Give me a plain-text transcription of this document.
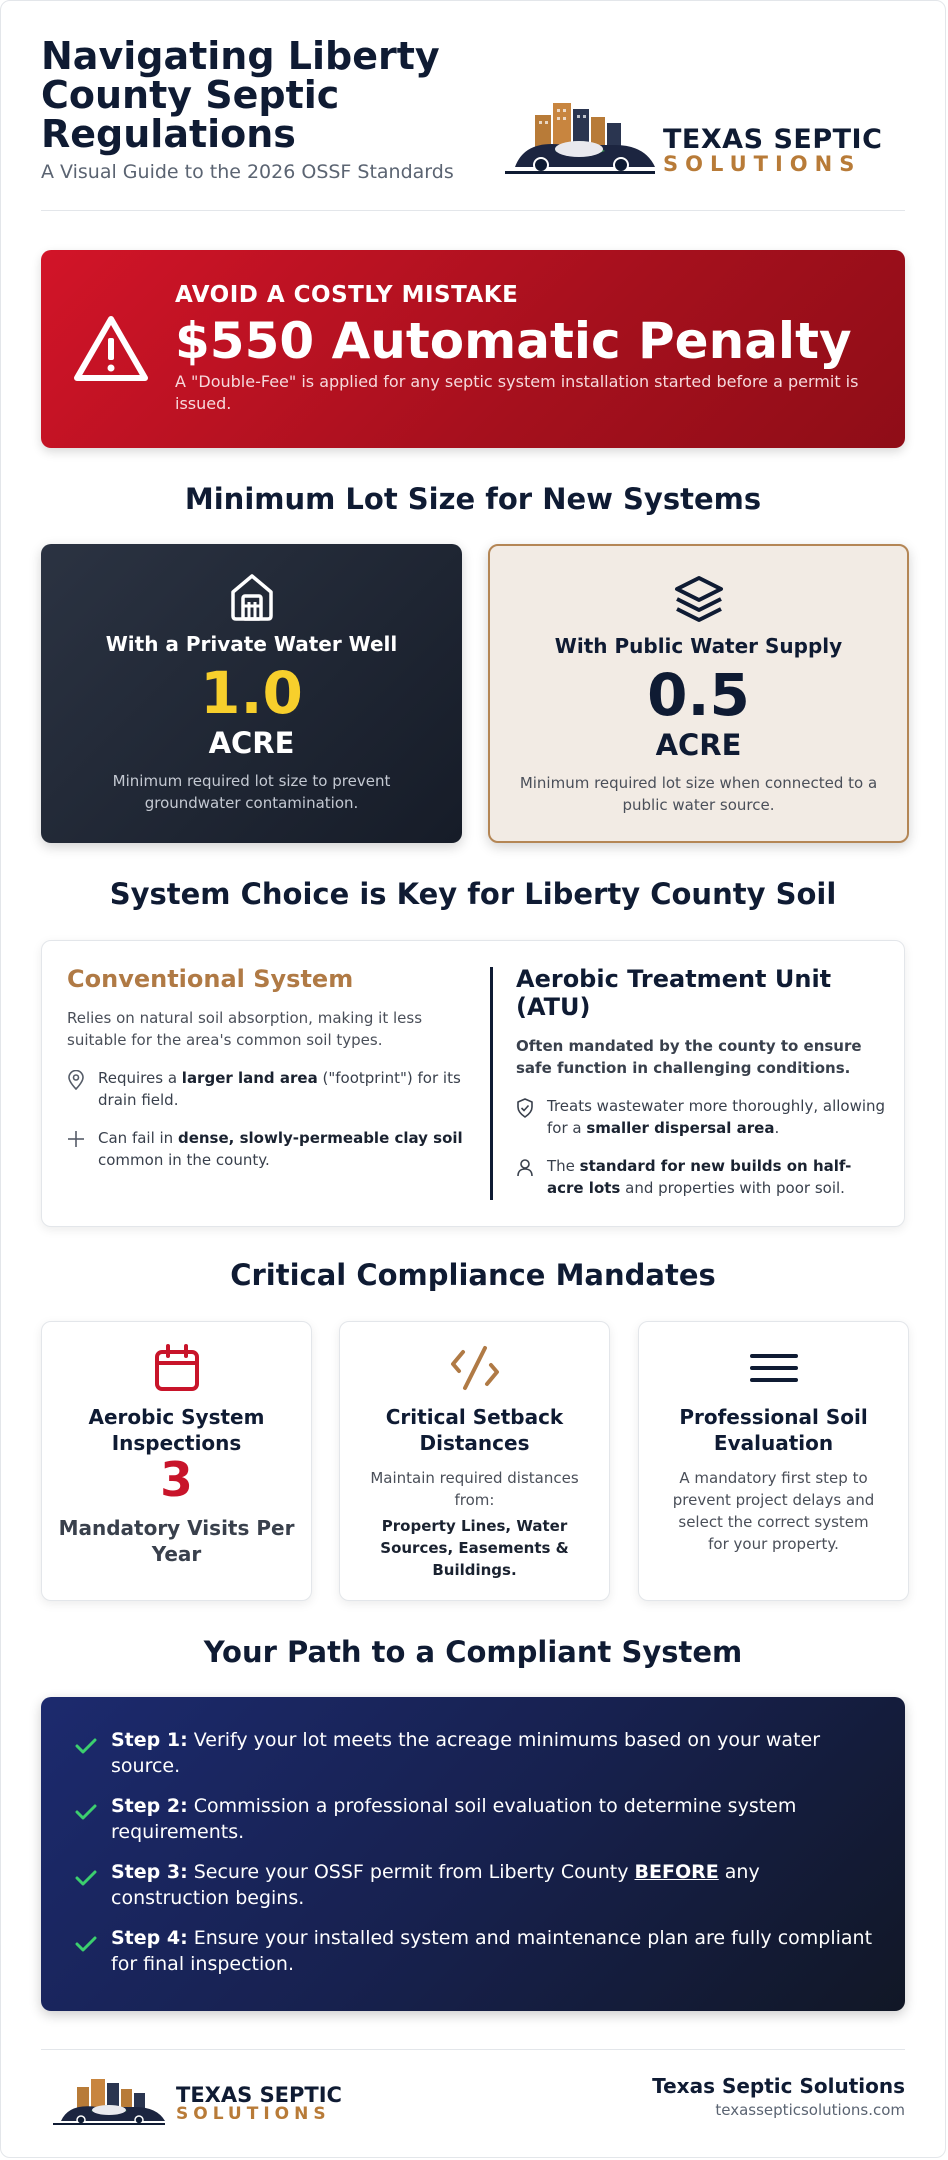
Navigating Liberty County Septic Regulations
A Visual Guide to the 2026 OSSF Standards
TEXAS SEPTIC
SOLUTIONS
AVOID A COSTLY MISTAKE
$550 Automatic Penalty
A "Double-Fee" is applied for any septic system installation started before a permit is issued.
Minimum Lot Size for New Systems
With a Private Water Well
1.0
ACRE
Minimum required lot size to prevent groundwater contamination.
With Public Water Supply
0.5
ACRE
Minimum required lot size when connected to a public water source.
System Choice is Key for Liberty County Soil
Conventional System
Relies on natural soil absorption, making it less suitable for the area's common soil types.
Requires a larger land area ("footprint") for its drain field.
Can fail in dense, slowly-permeable clay soil common in the county.
Aerobic Treatment Unit (ATU)
Often mandated by the county to ensure safe function in challenging conditions.
Treats wastewater more thoroughly, allowing for a smaller dispersal area.
The standard for new builds on half-acre lots and properties with poor soil.
Critical Compliance Mandates
Aerobic System Inspections
3
Mandatory Visits Per Year
Critical Setback Distances
Maintain required distances from:
Property Lines, Water Sources, Easements & Buildings.
Professional Soil Evaluation
A mandatory first step to prevent project delays and select the correct system for your property.
Your Path to a Compliant System
Step 1: Verify your lot meets the acreage minimums based on your water source.
Step 2: Commission a professional soil evaluation to determine system requirements.
Step 3: Secure your OSSF permit from Liberty County BEFORE any construction begins.
Step 4: Ensure your installed system and maintenance plan are fully compliant for final inspection.
TEXAS SEPTIC
SOLUTIONS
Texas Septic Solutions
texassepticsolutions.com
